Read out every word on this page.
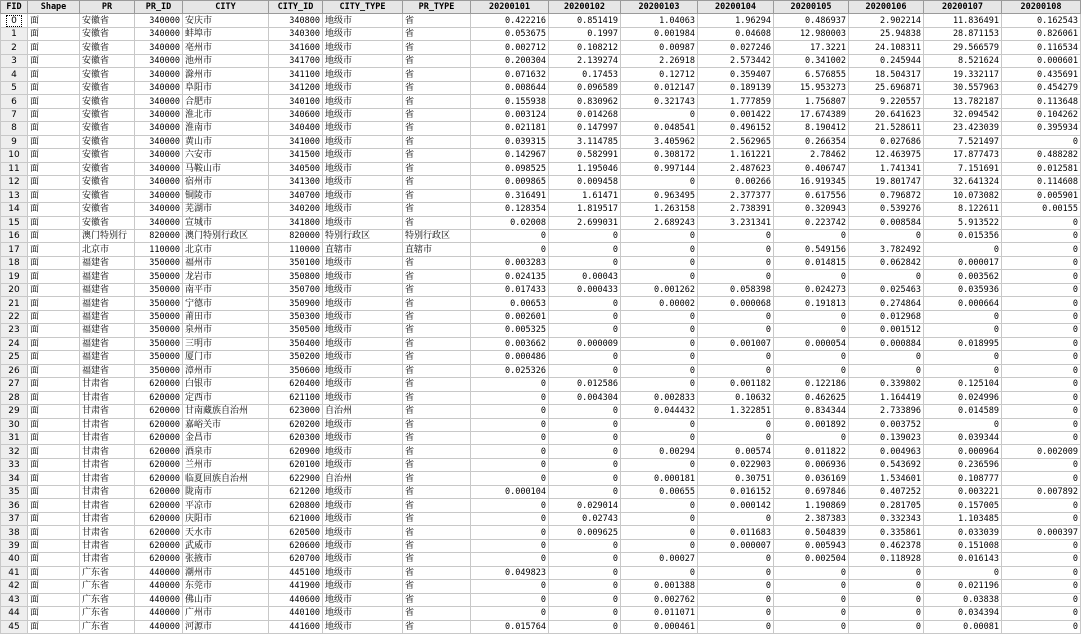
FID	Shape	PR	PR_ID	CITY	CITY_ID	CITY_TYPE	PR_TYPE	20200101	20200102	20200103	20200104	20200105	20200106	20200107	20200108
0	面	安徽省	340000	安庆市	340800	地级市	省	0.422216	0.851419	1.04063	1.96294	0.486937	2.902214	11.836491	0.162543
1	面	安徽省	340000	蚌埠市	340300	地级市	省	0.053675	0.1997	0.001984	0.04608	12.980003	25.94838	28.871153	0.826061
2	面	安徽省	340000	亳州市	341600	地级市	省	0.002712	0.108212	0.00987	0.027246	17.3221	24.108311	29.566579	0.116534
3	面	安徽省	340000	池州市	341700	地级市	省	0.200304	2.139274	2.26918	2.573442	0.341002	0.245944	8.521624	0.000601
4	面	安徽省	340000	滁州市	341100	地级市	省	0.071632	0.17453	0.12712	0.359407	6.576855	18.504317	19.332117	0.435691
5	面	安徽省	340000	阜阳市	341200	地级市	省	0.008644	0.096589	0.012147	0.189139	15.953273	25.696871	30.557963	0.454279
6	面	安徽省	340000	合肥市	340100	地级市	省	0.155938	0.830962	0.321743	1.777859	1.756807	9.220557	13.782187	0.113648
7	面	安徽省	340000	淮北市	340600	地级市	省	0.003124	0.014268	0	0.001422	17.674389	20.641623	32.094542	0.104262
8	面	安徽省	340000	淮南市	340400	地级市	省	0.021181	0.147997	0.048541	0.496152	8.190412	21.528611	23.423039	0.395934
9	面	安徽省	340000	黄山市	341000	地级市	省	0.039315	3.114785	3.405962	2.562965	0.266354	0.027686	7.521497	0
10	面	安徽省	340000	六安市	341500	地级市	省	0.142967	0.582991	0.308172	1.161221	2.78462	12.463975	17.877473	0.488282
11	面	安徽省	340000	马鞍山市	340500	地级市	省	0.098525	1.195046	0.997144	2.487623	0.406747	1.741341	7.151691	0.012581
12	面	安徽省	340000	宿州市	341300	地级市	省	0.009865	0.009458	0	0.00266	16.919345	19.801747	32.641324	0.114608
13	面	安徽省	340000	铜陵市	340700	地级市	省	0.316491	1.61471	0.963495	2.377377	0.617556	0.796872	10.073082	0.005901
14	面	安徽省	340000	芜湖市	340200	地级市	省	0.128354	1.819517	1.263158	2.738391	0.320943	0.539276	8.122611	0.00155
15	面	安徽省	340000	宣城市	341800	地级市	省	0.02008	2.699031	2.689243	3.231341	0.223742	0.008584	5.913522	0
16	面	澳门特别行	820000	澳门特别行政区	820000	特别行政区	特别行政区	0	0	0	0	0	0	0.015356	0
17	面	北京市	110000	北京市	110000	直辖市	直辖市	0	0	0	0	0.549156	3.782492	0	0
18	面	福建省	350000	福州市	350100	地级市	省	0.003283	0	0	0	0.014815	0.062842	0.000017	0
19	面	福建省	350000	龙岩市	350800	地级市	省	0.024135	0.00043	0	0	0	0	0.003562	0
20	面	福建省	350000	南平市	350700	地级市	省	0.017433	0.000433	0.001262	0.058398	0.024273	0.025463	0.035936	0
21	面	福建省	350000	宁德市	350900	地级市	省	0.00653	0	0.00002	0.000068	0.191813	0.274864	0.000664	0
22	面	福建省	350000	莆田市	350300	地级市	省	0.002601	0	0	0	0	0.012968	0	0
23	面	福建省	350000	泉州市	350500	地级市	省	0.005325	0	0	0	0	0.001512	0	0
24	面	福建省	350000	三明市	350400	地级市	省	0.003662	0.000009	0	0.001007	0.000054	0.000884	0.018995	0
25	面	福建省	350000	厦门市	350200	地级市	省	0.000486	0	0	0	0	0	0	0
26	面	福建省	350000	漳州市	350600	地级市	省	0.025326	0	0	0	0	0	0	0
27	面	甘肃省	620000	白银市	620400	地级市	省	0	0.012586	0	0.001182	0.122186	0.339802	0.125104	0
28	面	甘肃省	620000	定西市	621100	地级市	省	0	0.004304	0.002833	0.10632	0.462625	1.164419	0.024996	0
29	面	甘肃省	620000	甘南藏族自治州	623000	自治州	省	0	0	0.044432	1.322851	0.834344	2.733896	0.014589	0
30	面	甘肃省	620000	嘉峪关市	620200	地级市	省	0	0	0	0	0.001892	0.003752	0	0
31	面	甘肃省	620000	金昌市	620300	地级市	省	0	0	0	0	0	0.139023	0.039344	0
32	面	甘肃省	620000	酒泉市	620900	地级市	省	0	0	0.00294	0.00574	0.011822	0.004963	0.000964	0.002009
33	面	甘肃省	620000	兰州市	620100	地级市	省	0	0	0	0.022903	0.006936	0.543692	0.236596	0
34	面	甘肃省	620000	临夏回族自治州	622900	自治州	省	0	0	0.000181	0.30751	0.036169	1.534601	0.108777	0
35	面	甘肃省	620000	陇南市	621200	地级市	省	0.000104	0	0.00655	0.016152	0.697846	0.407252	0.003221	0.007892
36	面	甘肃省	620000	平凉市	620800	地级市	省	0	0.029014	0	0.000142	1.190869	0.281705	0.157005	0
37	面	甘肃省	620000	庆阳市	621000	地级市	省	0	0.02743	0	0	2.387383	0.332343	1.103485	0
38	面	甘肃省	620000	天水市	620500	地级市	省	0	0.009625	0	0.011683	0.504839	0.335861	0.033039	0.000397
39	面	甘肃省	620000	武威市	620600	地级市	省	0	0	0	0.000007	0.005943	0.462378	0.151008	0
40	面	甘肃省	620000	张掖市	620700	地级市	省	0	0	0.00027	0	0.002504	0.118928	0.016143	0
41	面	广东省	440000	潮州市	445100	地级市	省	0.049823	0	0	0	0	0	0	0
42	面	广东省	440000	东莞市	441900	地级市	省	0	0	0.001388	0	0	0	0.021196	0
43	面	广东省	440000	佛山市	440600	地级市	省	0	0	0.002762	0	0	0	0.03838	0
44	面	广东省	440000	广州市	440100	地级市	省	0	0	0.011071	0	0	0	0.034394	0
45	面	广东省	440000	河源市	441600	地级市	省	0.015764	0	0.000461	0	0	0	0.00081	0
